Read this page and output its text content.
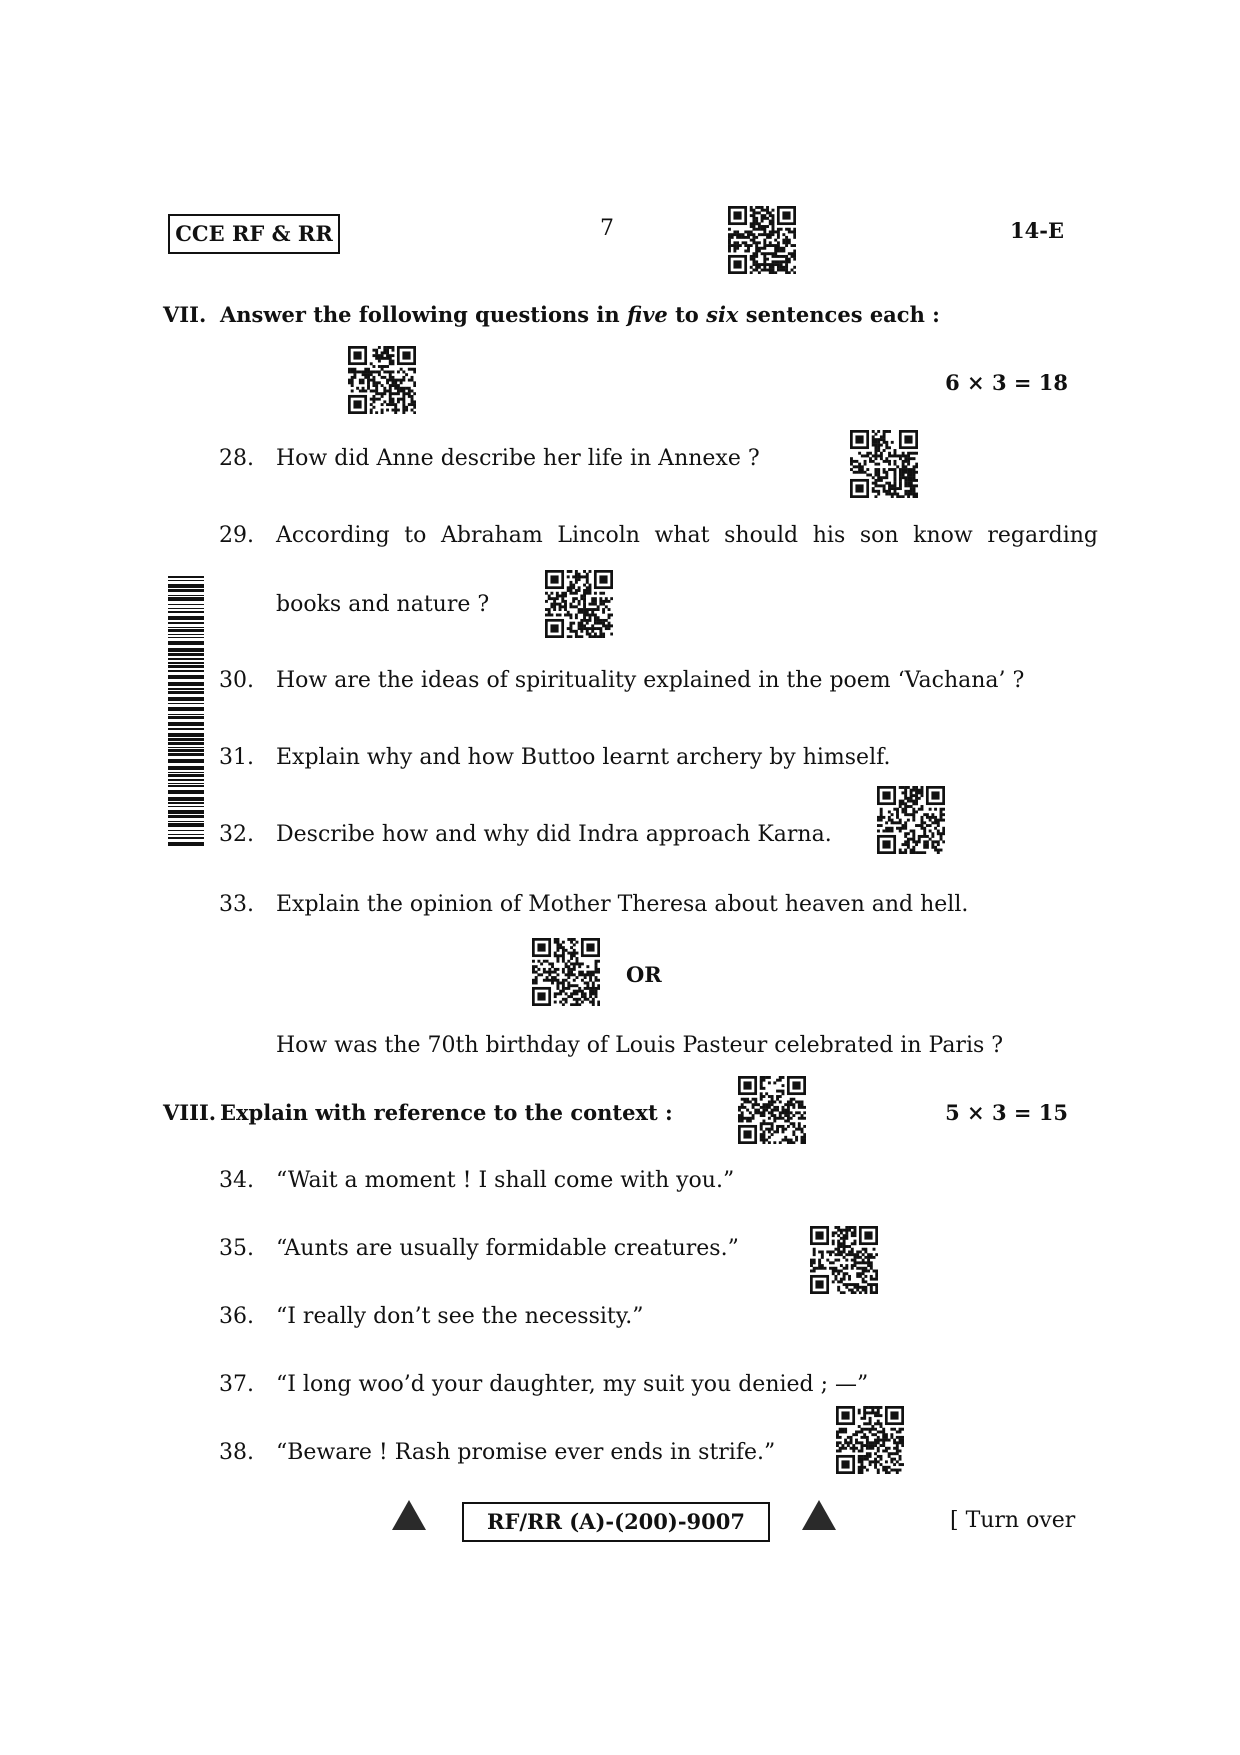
CCE RF & RR	7	14-E
VII. Answer the following questions in five to six sentences each :
6 × 3 = 18
28.	How did Anne describe her life in Annexe ?
29.	According to Abraham Lincoln what should his son know regarding
books and nature ?
30.	How are the ideas of spirituality explained in the poem ‘Vachana’ ?
31.	Explain why and how Buttoo learnt archery by himself.
32.	Describe how and why did Indra approach Karna.
33.	Explain the opinion of Mother Theresa about heaven and hell.
OR
How was the 70th birthday of Louis Pasteur celebrated in Paris ?
VIII. Explain with reference to the context :	5 × 3 = 15
34.	“Wait a moment ! I shall come with you.”
35.	“Aunts are usually formidable creatures.”
36.	“I really don’t see the necessity.”
37.	“I long woo’d your daughter, my suit you denied ; —”
38.	“Beware ! Rash promise ever ends in strife.”
RF/RR (A)-(200)-9007	[ Turn over
